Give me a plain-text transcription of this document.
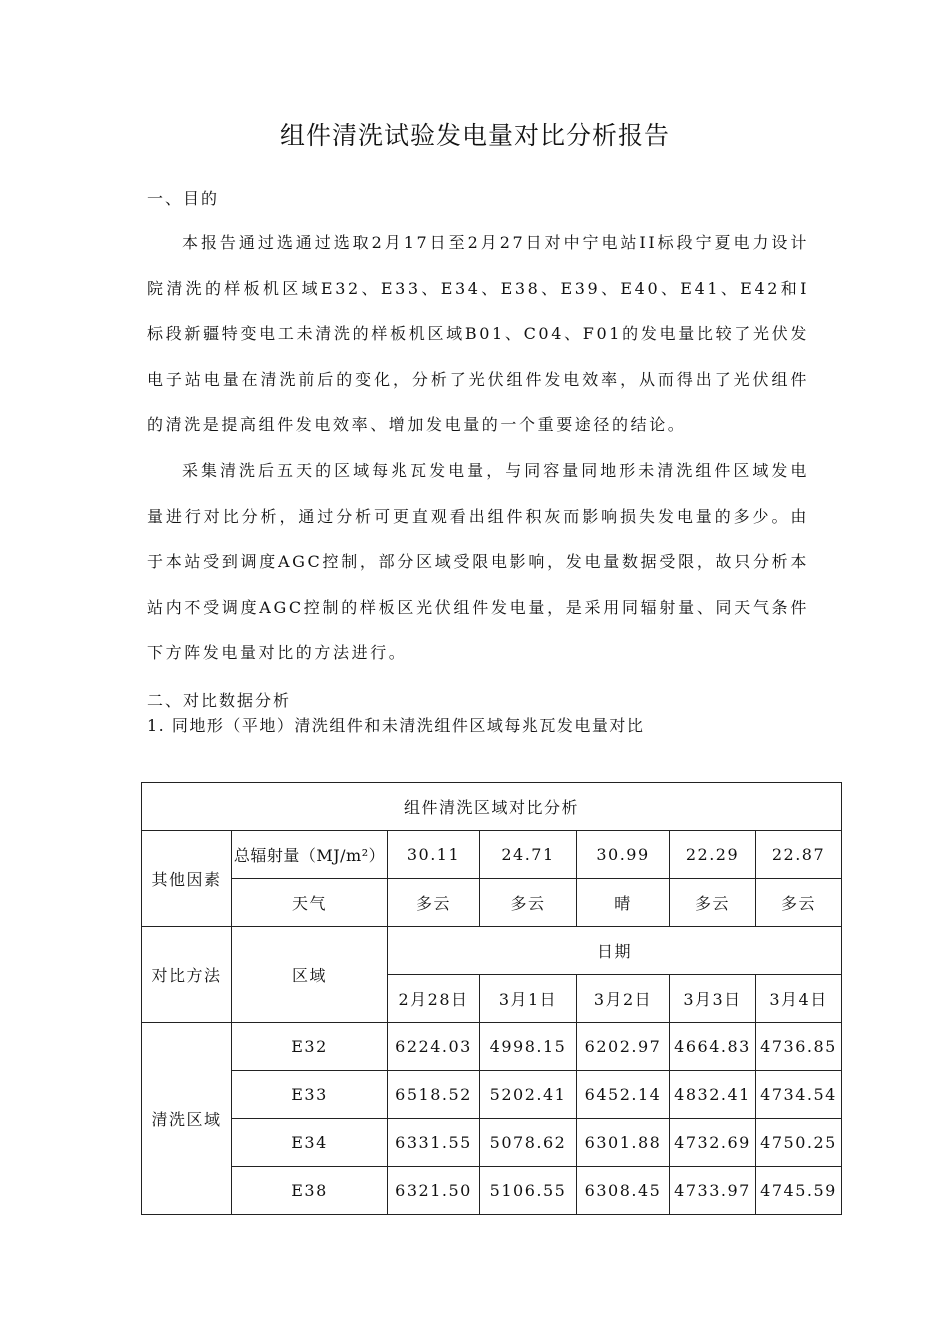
组件清洗试验发电量对比分析报告
一、目的

本报告通过选通过选取2月17日至2月27日对中宁电站II标段宁夏电力设计院清洗的样板机区域E32、E33、E34、E38、E39、E40、E41、E42和I标段新疆特变电工未清洗的样板机区域B01、C04、F01的发电量比较了光伏发电子站电量在清洗前后的变化，分析了光伏组件发电效率，从而得出了光伏组件的清洗是提高组件发电效率、增加发电量的一个重要途径的结论。

采集清洗后五天的区域每兆瓦发电量，与同容量同地形未清洗组件区域发电量进行对比分析，通过分析可更直观看出组件积灰而影响损失发电量的多少。由于本站受到调度AGC控制，部分区域受限电影响，发电量数据受限，故只分析本站内不受调度AGC控制的样板区光伏组件发电量，是采用同辐射量、同天气条件下方阵发电量对比的方法进行。

二、对比数据分析
1. 同地形（平地）清洗组件和未清洗组件区域每兆瓦发电量对比
组件清洗区域对比分析						
其他因素	总辐射量（MJ/m²）	30.11	24.71	30.99	22.29	22.87
	天气	多云	多云	晴	多云	多云
对比方法	区域	日期				
		2月28日	3月1日	3月2日	3月3日	3月4日
清洗区域	E32	6224.03	4998.15	6202.97	4664.83	4736.85
	E33	6518.52	5202.41	6452.14	4832.41	4734.54
	E34	6331.55	5078.62	6301.88	4732.69	4750.25
	E38	6321.50	5106.55	6308.45	4733.97	4745.59
